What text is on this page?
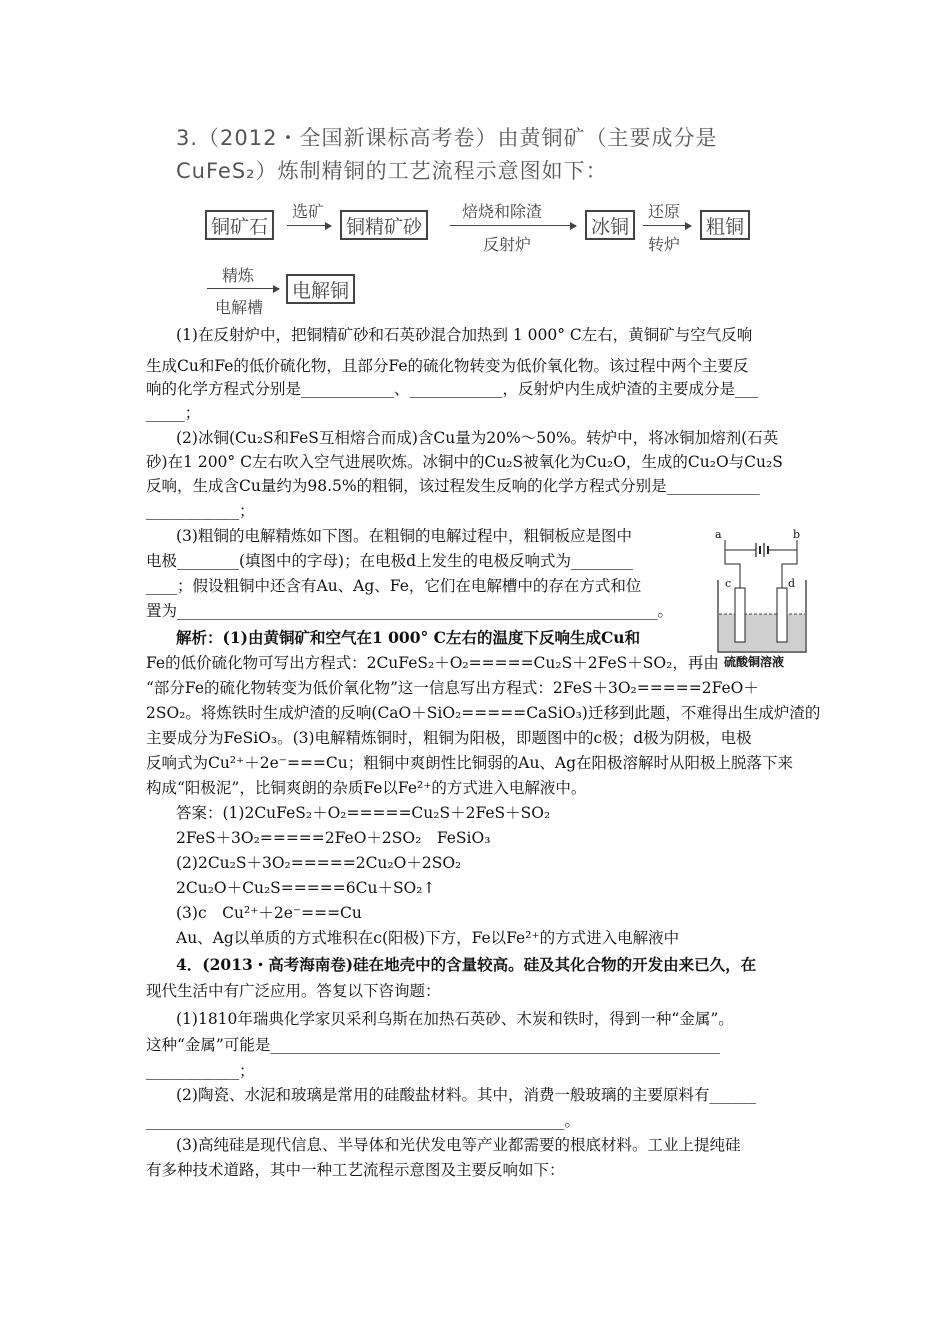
3.（2012・全国新课标高考卷）由黄铜矿（主要成分是
CuFeS₂）炼制精铜的工艺流程示意图如下：
铜矿石
选矿
铜精矿砂
焙烧和除渣
反射炉
冰铜
还原
转炉
粗铜
精炼
电解槽
电解铜
(1)在反射炉中，把铜精矿砂和石英砂混合加热到 1 000° C左右，黄铜矿与空气反响
生成Cu和Fe的低价硫化物，且部分Fe的硫化物转变为低价氧化物。该过程中两个主要反
响的化学方程式分别是____________、____________，反射炉内生成炉渣的主要成分是___
_____；
(2)冰铜(Cu₂S和FeS互相熔合而成)含Cu量为20%～50%。转炉中，将冰铜加熔剂(石英
砂)在1 200° C左右吹入空气进展吹炼。冰铜中的Cu₂S被氧化为Cu₂O，生成的Cu₂O与Cu₂S
反响，生成含Cu量约为98.5%的粗铜，该过程发生反响的化学方程式分别是____________
____________；
(3)粗铜的电解精炼如下图。在粗铜的电解过程中，粗铜板应是图中
电极________(填图中的字母)；在电极d上发生的电极反响式为________
____；假设粗铜中还含有Au、Ag、Fe，它们在电解槽中的存在方式和位
置为______________________________________________________________。
a	b
c	d
硫酸铜溶液
解析：(1)由黄铜矿和空气在1 000° C左右的温度下反响生成Cu和
Fe的低价硫化物可写出方程式：2CuFeS₂＋O₂=====Cu₂S＋2FeS＋SO₂，再由
“部分Fe的硫化物转变为低价氧化物”这一信息写出方程式：2FeS＋3O₂=====2FeO＋
2SO₂。将炼铁时生成炉渣的反响(CaO＋SiO₂=====CaSiO₃)迁移到此题，不难得出生成炉渣的
主要成分为FeSiO₃。(3)电解精炼铜时，粗铜为阳极，即题图中的c极；d极为阴极，电极
反响式为Cu²⁺＋2e⁻===Cu；粗铜中爽朗性比铜弱的Au、Ag在阳极溶解时从阳极上脱落下来
构成“阳极泥”，比铜爽朗的杂质Fe以Fe²⁺的方式进入电解液中。
答案：(1)2CuFeS₂＋O₂=====Cu₂S＋2FeS＋SO₂
2FeS＋3O₂=====2FeO＋2SO₂　FeSiO₃
(2)2Cu₂S＋3O₂=====2Cu₂O＋2SO₂
2Cu₂O＋Cu₂S=====6Cu＋SO₂↑
(3)c　Cu²⁺＋2e⁻===Cu
Au、Ag以单质的方式堆积在c(阳极)下方，Fe以Fe²⁺的方式进入电解液中
4．(2013・高考海南卷)硅在地壳中的含量较高。硅及其化合物的开发由来已久，在
现代生活中有广泛应用。答复以下咨询题：
(1)1810年瑞典化学家贝采利乌斯在加热石英砂、木炭和铁时，得到一种“金属”。
这种“金属”可能是__________________________________________________________
____________；
(2)陶瓷、水泥和玻璃是常用的硅酸盐材料。其中，消费一般玻璃的主要原料有______
______________________________________________________。
(3)高纯硅是现代信息、半导体和光伏发电等产业都需要的根底材料。工业上提纯硅
有多种技术道路，其中一种工艺流程示意图及主要反响如下：
